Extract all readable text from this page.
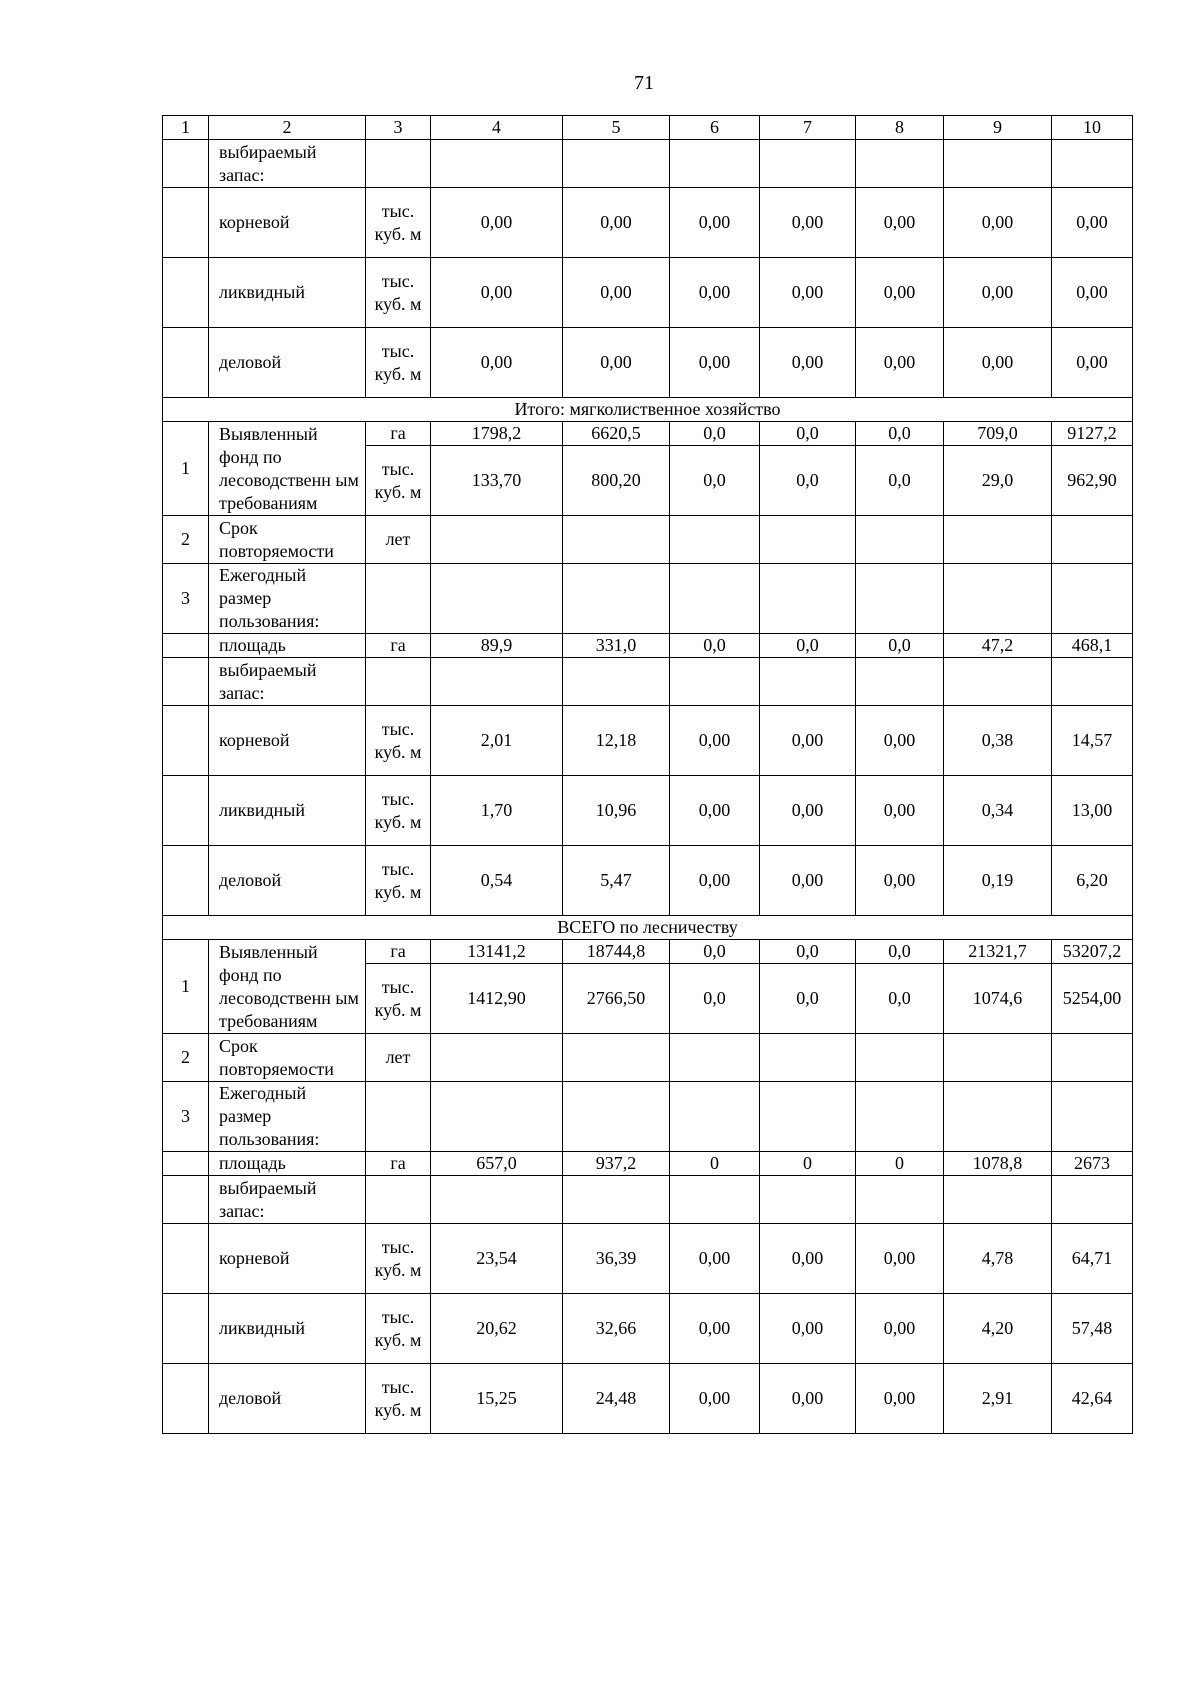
71
1	2	3	4	5	6	7	8	9	10
	выбираемый запас:								
	корневой	тыс. куб. м	0,00	0,00	0,00	0,00	0,00	0,00	0,00
	ликвидный	тыс. куб. м	0,00	0,00	0,00	0,00	0,00	0,00	0,00
	деловой	тыс. куб. м	0,00	0,00	0,00	0,00	0,00	0,00	0,00
Итого: мягколиственное хозяйство									
1	Выявленный фонд по лесоводственн ым требованиям	га	1798,2	6620,5	0,0	0,0	0,0	709,0	9127,2
		тыс. куб. м	133,70	800,20	0,0	0,0	0,0	29,0	962,90
2	Срок повторяемости	лет							
3	Ежегодный размер пользования:								
	площадь	га	89,9	331,0	0,0	0,0	0,0	47,2	468,1
	выбираемый запас:								
	корневой	тыс. куб. м	2,01	12,18	0,00	0,00	0,00	0,38	14,57
	ликвидный	тыс. куб. м	1,70	10,96	0,00	0,00	0,00	0,34	13,00
	деловой	тыс. куб. м	0,54	5,47	0,00	0,00	0,00	0,19	6,20
ВСЕГО по лесничеству									
1	Выявленный фонд по лесоводственн ым требованиям	га	13141,2	18744,8	0,0	0,0	0,0	21321,7	53207,2
		тыс. куб. м	1412,90	2766,50	0,0	0,0	0,0	1074,6	5254,00
2	Срок повторяемости	лет							
3	Ежегодный размер пользования:								
	площадь	га	657,0	937,2	0	0	0	1078,8	2673
	выбираемый запас:								
	корневой	тыс. куб. м	23,54	36,39	0,00	0,00	0,00	4,78	64,71
	ликвидный	тыс. куб. м	20,62	32,66	0,00	0,00	0,00	4,20	57,48
	деловой	тыс. куб. м	15,25	24,48	0,00	0,00	0,00	2,91	42,64
